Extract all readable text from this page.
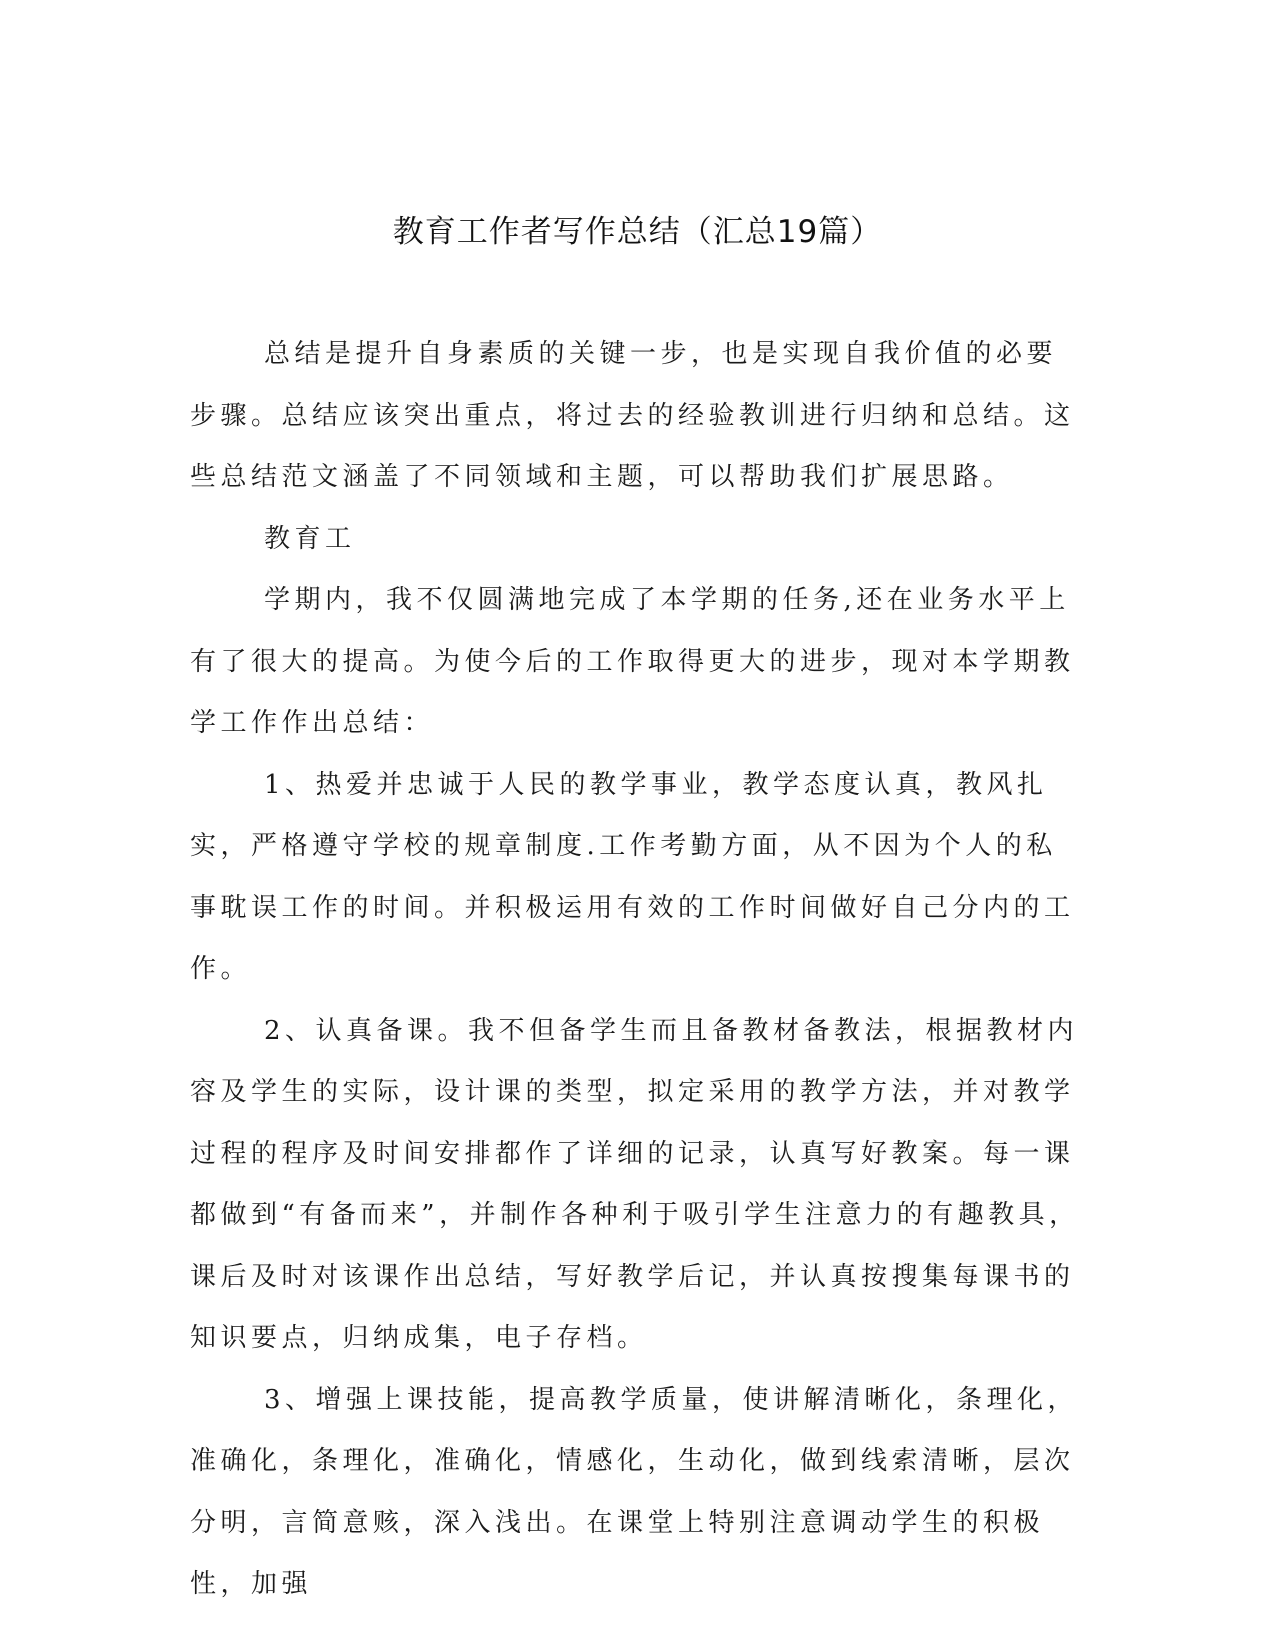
教育工作者写作总结（汇总19篇）

总结是提升自身素质的关键一步，也是实现自我价值的必要步骤。总结应该突出重点，将过去的经验教训进行归纳和总结。这些总结范文涵盖了不同领域和主题，可以帮助我们扩展思路。

教育工

学期内，我不仅圆满地完成了本学期的任务,还在业务水平上有了很大的提高。为使今后的工作取得更大的进步，现对本学期教学工作作出总结：

1、热爱并忠诚于人民的教学事业，教学态度认真，教风扎实，严格遵守学校的规章制度.工作考勤方面，从不因为个人的私事耽误工作的时间。并积极运用有效的工作时间做好自己分内的工作。

2、认真备课。我不但备学生而且备教材备教法，根据教材内容及学生的实际，设计课的类型，拟定采用的教学方法，并对教学过程的程序及时间安排都作了详细的记录，认真写好教案。每一课都做到“有备而来”，并制作各种利于吸引学生注意力的有趣教具，课后及时对该课作出总结，写好教学后记，并认真按搜集每课书的知识要点，归纳成集，电子存档。

3、增强上课技能，提高教学质量，使讲解清晰化，条理化，准确化，条理化，准确化，情感化，生动化，做到线索清晰，层次分明，言简意赅，深入浅出。在课堂上特别注意调动学生的积极性，加强
